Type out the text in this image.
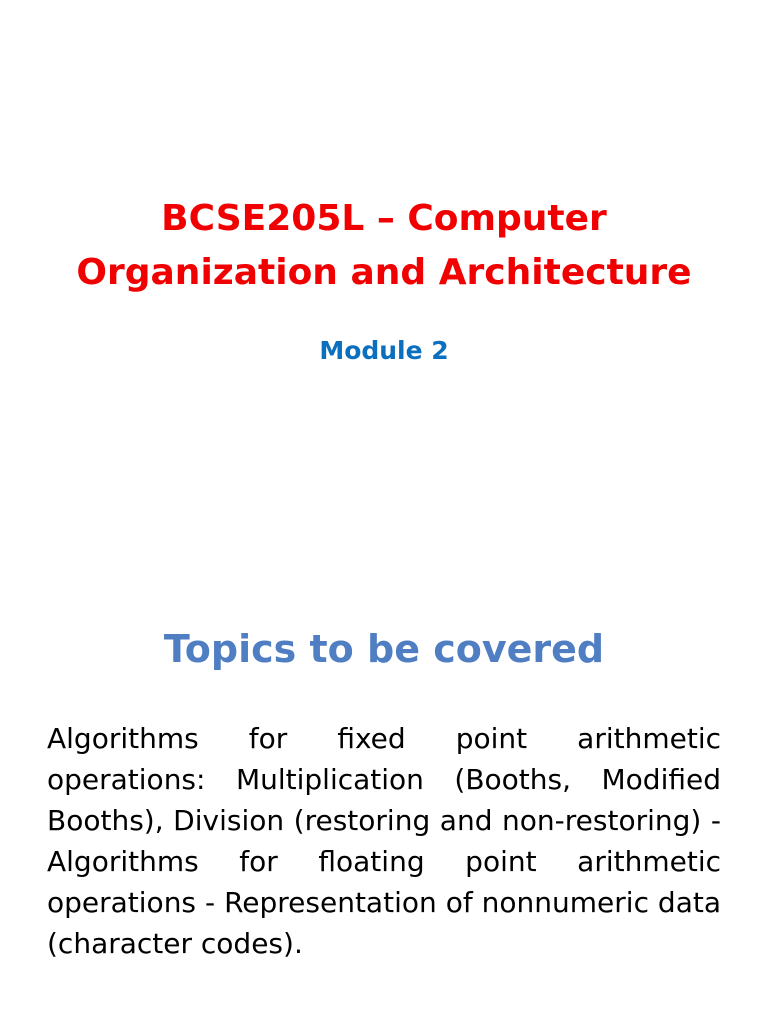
BCSE205L – Computer
Organization and Architecture

Module 2

Topics to be covered

Algorithms for fixed point arithmetic operations: Multiplication (Booths, Modified Booths), Division (restoring and non-restoring) - Algorithms for floating point arithmetic operations - Representation of nonnumeric data (character codes).
